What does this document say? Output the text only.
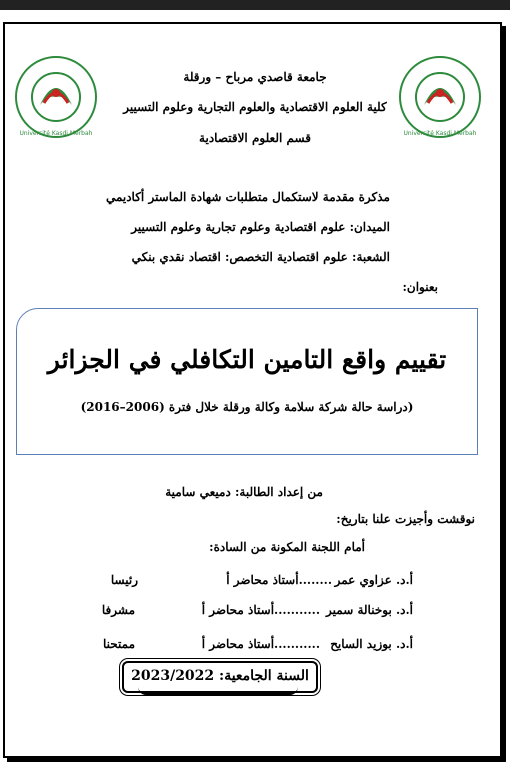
Université Kasdi Merbah	Université Kasdi Merbah
جامعة قاصدي مرباح – ورقلة
كلية العلوم الاقتصادية والعلوم التجارية وعلوم التسيير
قسم العلوم الاقتصادية
مذكرة مقدمة لاستكمال متطلبات شهادة الماستر أكاديمي
الميدان: علوم اقتصادية وعلوم تجارية وعلوم التسيير
الشعبة: علوم اقتصادية التخصص: اقتصاد نقدي بنكي
بعنوان:
تقييم واقع التامين التكافلي في الجزائر
(دراسة حالة شركة سلامة وكالة ورقلة خلال فترة (2006–2016)
من إعداد الطالبة: دميعي سامية
نوقشت وأجيزت علنا بتاريخ:
أمام اللجنة المكونة من السادة:
أ.د. عزاوي عمر
........أستاذ محاضر أ
رئيسا
أ.د. بوخنالة سمير
...........أستاذ محاضر أ
مشرفا
أ.د. بوزيد السايح
...........أستاذ محاضر أ
ممتحنا
السنة الجامعية: 2023/2022
